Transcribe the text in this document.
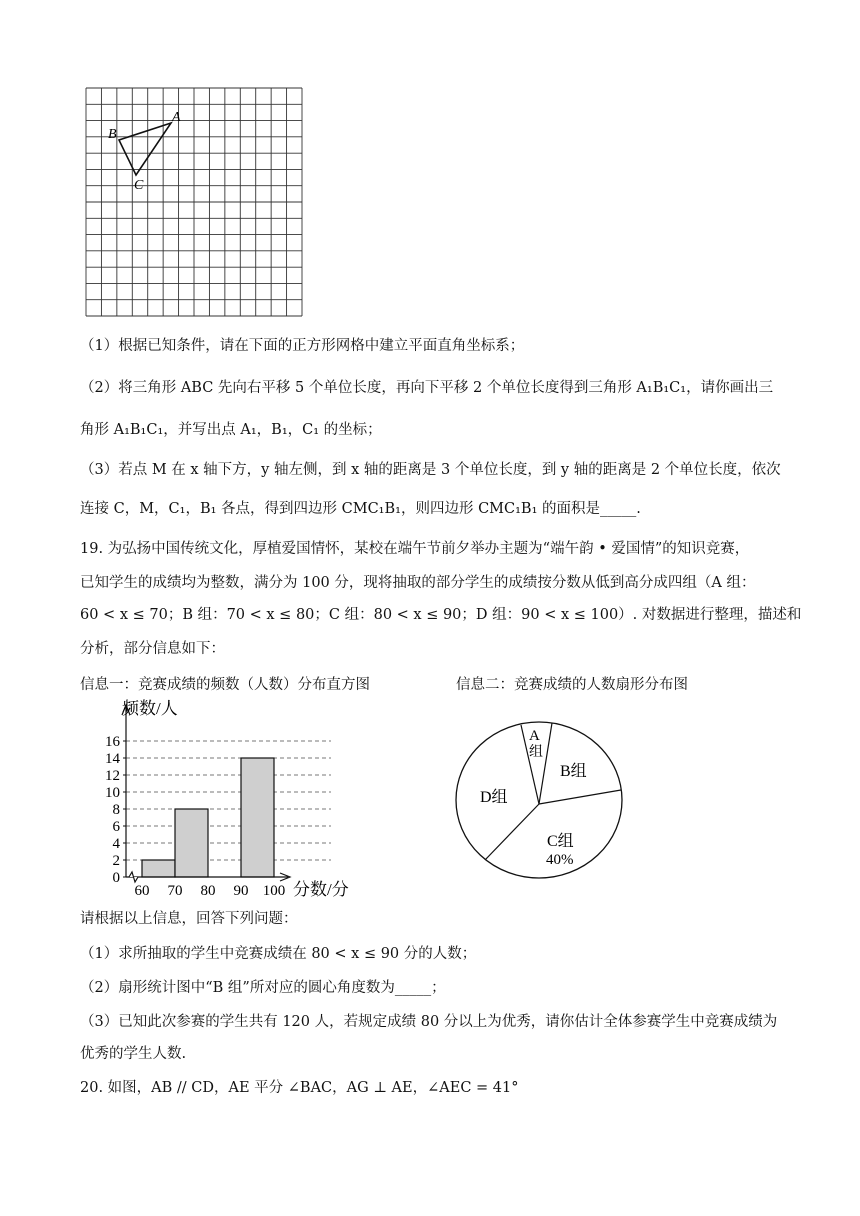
A
B
C
（1）根据已知条件，请在下面的正方形网格中建立平面直角坐标系；
（2）将三角形 ABC 先向右平移 5 个单位长度，再向下平移 2 个单位长度得到三角形 A₁B₁C₁，请你画出三
角形 A₁B₁C₁，并写出点 A₁，B₁，C₁ 的坐标；
（3）若点 M 在 x 轴下方，y 轴左侧，到 x 轴的距离是 3 个单位长度，到 y 轴的距离是 2 个单位长度，依次
连接 C，M，C₁，B₁ 各点，得到四边形 CMC₁B₁，则四边形 CMC₁B₁ 的面积是_____.
19. 为弘扬中国传统文化，厚植爱国情怀，某校在端午节前夕举办主题为“端午韵 • 爱国情”的知识竞赛，
已知学生的成绩均为整数，满分为 100 分，现将抽取的部分学生的成绩按分数从低到高分成四组（A 组：
60 < x ≤ 70；B 组：70 < x ≤ 80；C 组：80 < x ≤ 90；D 组：90 < x ≤ 100）. 对数据进行整理，描述和
分析，部分信息如下：
信息一：竞赛成绩的频数（人数）分布直方图	信息二：竞赛成绩的人数扇形分布图
0
2
4
6
8
10
12
14
16
60 70 80 90 100
频数/人
分数/分
A
组
B组
C组
40%
D组
请根据以上信息，回答下列问题：
（1）求所抽取的学生中竞赛成绩在 80 < x ≤ 90 分的人数；
（2）扇形统计图中“B 组”所对应的圆心角度数为_____；
（3）已知此次参赛的学生共有 120 人，若规定成绩 80 分以上为优秀，请你估计全体参赛学生中竞赛成绩为
优秀的学生人数.
20. 如图，AB // CD，AE 平分 ∠BAC，AG ⊥ AE，∠AEC = 41°
